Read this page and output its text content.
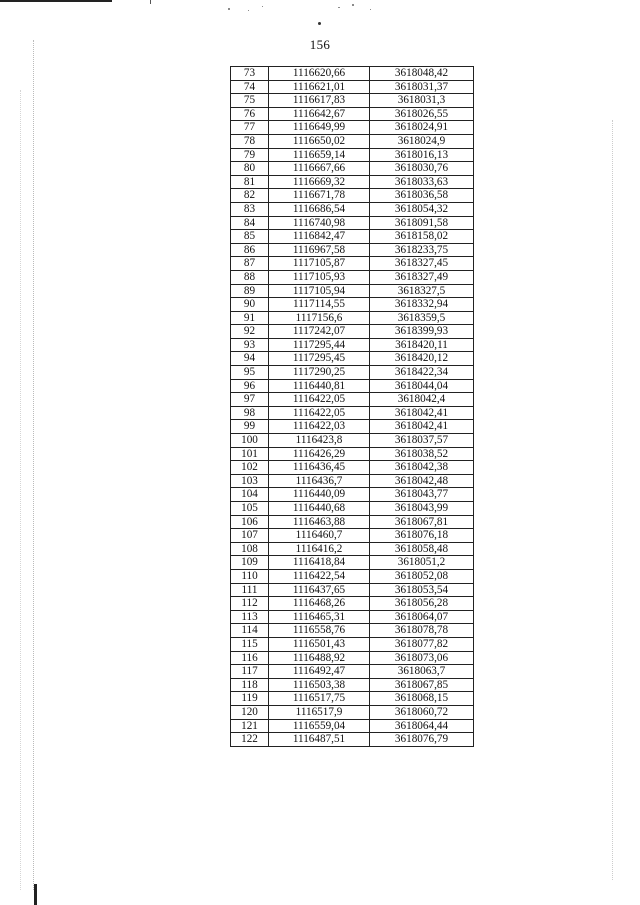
156
73	1116620,66	3618048,42
74	1116621,01	3618031,37
75	1116617,83	3618031,3
76	1116642,67	3618026,55
77	1116649,99	3618024,91
78	1116650,02	3618024,9
79	1116659,14	3618016,13
80	1116667,66	3618030,76
81	1116669,32	3618033,63
82	1116671,78	3618036,58
83	1116686,54	3618054,32
84	1116740,98	3618091,58
85	1116842,47	3618158,02
86	1116967,58	3618233,75
87	1117105,87	3618327,45
88	1117105,93	3618327,49
89	1117105,94	3618327,5
90	1117114,55	3618332,94
91	1117156,6	3618359,5
92	1117242,07	3618399,93
93	1117295,44	3618420,11
94	1117295,45	3618420,12
95	1117290,25	3618422,34
96	1116440,81	3618044,04
97	1116422,05	3618042,4
98	1116422,05	3618042,41
99	1116422,03	3618042,41
100	1116423,8	3618037,57
101	1116426,29	3618038,52
102	1116436,45	3618042,38
103	1116436,7	3618042,48
104	1116440,09	3618043,77
105	1116440,68	3618043,99
106	1116463,88	3618067,81
107	1116460,7	3618076,18
108	1116416,2	3618058,48
109	1116418,84	3618051,2
110	1116422,54	3618052,08
111	1116437,65	3618053,54
112	1116468,26	3618056,28
113	1116465,31	3618064,07
114	1116558,76	3618078,78
115	1116501,43	3618077,82
116	1116488,92	3618073,06
117	1116492,47	3618063,7
118	1116503,38	3618067,85
119	1116517,75	3618068,15
120	1116517,9	3618060,72
121	1116559,04	3618064,44
122	1116487,51	3618076,79
